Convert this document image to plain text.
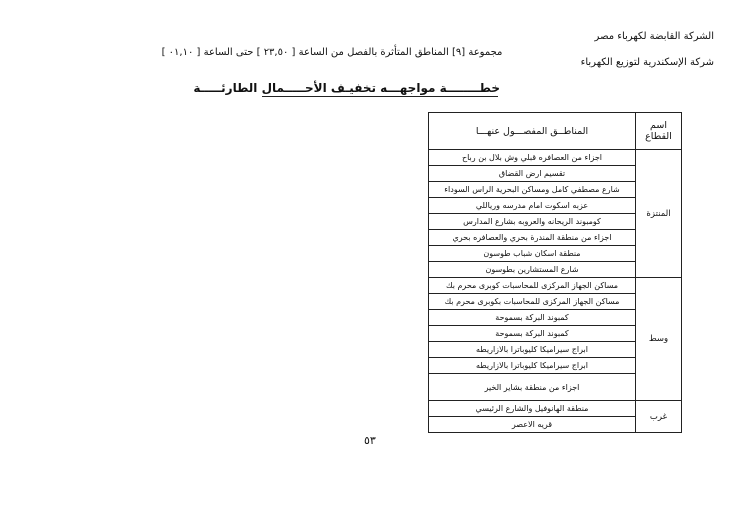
الشركة القابضة لكهرباء مصر
شركة الإسكندرية لتوزيع الكهرباء
مجموعة [٩] المناطق المتأثرة بالفصل من الساعة [ ٢٣,٥٠ ] حتى الساعة [ ٠١,١٠ ]
خطــــــــة مواجهـــه تخفيـف الأحـــــمال الطارئـــــة
اسم القطاع	المناطــق المفصـــول عنهـــا
المنتزة	اجزاء من العصافره قبلي وش بلال بن رباح
	تقسيم ارض القضاق
	شارع مصطفي كامل ومساكن البحرية الراس السوداء
	عزبه اسكوت امام مدرسه ورياللي
	كومبوند الريحانه والعروبه بشارع المدارس
	اجزاء من منطقة المندرة بحري والعصافره بحري
	منطقة اسكان شباب طوسون
	شارع المستشارين بطوسون
وسط	مساكن الجهاز المركزى للمحاسبات كوبرى محرم بك
	مساكن الجهاز المركزى للمحاسبات بكوبرى محرم بك
	كمبوند البركة بسموحة
	كمبوند البركة بسموحة
	ابراج سيراميكا كليوباترا بالازاريطه
	ابراج سيراميكا كليوباترا بالازاريطه
	اجزاء من منطقة بشاير الخير
غرب	منطقة الهانوفيل والشارع الرئيسي
	قريه الاعصر
٥٣
